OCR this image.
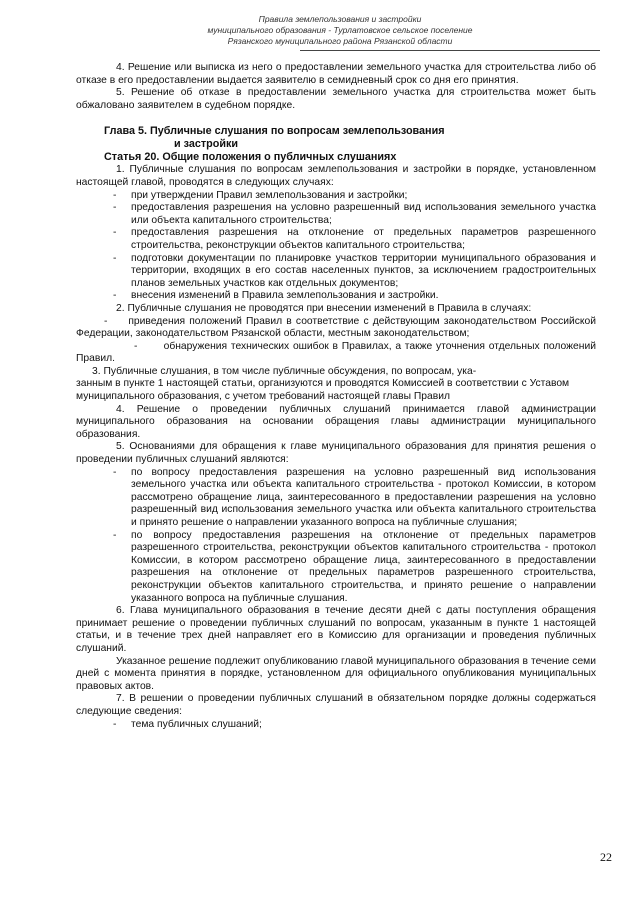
Правила землепользования и застройки
муниципального образования - Турлатовское сельское поселение
Рязанского муниципального района Рязанской области

4. Решение или выписка из него о предоставлении земельного участка для строительства либо об отказе в его предоставлении выдается заявителю в семидневный срок со дня его принятия.

5. Решение об отказе в предоставлении земельного участка для строительства может быть обжаловано заявителем в судебном порядке.

Глава 5. Публичные слушания по вопросам землепользования

и застройки

Статья 20. Общие положения о публичных слушаниях

1. Публичные слушания по вопросам землепользования и застройки в порядке, установленном настоящей главой, проводятся в следующих случаях:

- при утверждении Правил землепользования и застройки;

- предоставления разрешения на условно разрешенный вид использования земельного участка или объекта капитального строительства;

- предоставления разрешения на отклонение от предельных параметров разрешенного строительства, реконструкции объектов капитального строительства;

- подготовки документации по планировке участков территории муниципального образования и территории, входящих в его состав населенных пунктов, за исключением градостроительных планов земельных участков как отдельных документов;

- внесения изменений в Правила землепользования и застройки.

2. Публичные слушания не проводятся при внесении изменений в Правила в случаях:

-     приведения положений Правил в соответствие с действующим законодательством Российской Федерации, законодательством Рязанской области, местным законодательством;

-       обнаружения технических ошибок в Правилах, а также уточнения отдельных положений Правил.

3. Публичные слушания, в том числе публичные обсуждения, по вопросам, ука-

занным в пункте 1 настоящей статьи, организуются и проводятся Комиссией в соответствии с Уставом муниципального образования, с учетом требований настоящей главы Правил

4. Решение о проведении публичных слушаний принимается главой администрации муниципального образования на основании обращения главы администрации муниципального образования.

5. Основаниями для обращения к главе муниципального образования для принятия решения о проведении публичных слушаний являются:

- по вопросу предоставления разрешения на условно разрешенный вид использования земельного участка или объекта капитального строительства - протокол Комиссии, в котором рассмотрено обращение лица, заинтересованного в предоставлении разрешения на условно разрешенный вид использования земельного участка или объекта капитального строительства и принято решение о направлении указанного вопроса на публичные слушания;

- по вопросу предоставления разрешения на отклонение от предельных параметров разрешенного строительства, реконструкции объектов капитального строительства - протокол Комиссии, в котором рассмотрено обращение лица, заинтересованного в предоставлении разрешения на отклонение от предельных параметров разрешенного строительства, реконструкции объектов капитального строительства, и принято решение о направлении указанного вопроса на публичные слушания.

6. Глава муниципального образования в течение десяти дней с даты поступления обращения принимает решение о проведении публичных слушаний по вопросам, указанным в пункте 1 настоящей статьи, и в течение трех дней направляет его в Комиссию для организации и проведения публичных слушаний.

Указанное решение подлежит опубликованию главой муниципального образования в течение семи дней с момента принятия в порядке, установленном для официального опубликования муниципальных правовых актов.

7. В решении о проведении публичных слушаний в обязательном порядке должны содержаться следующие сведения:

- тема публичных слушаний;

22
